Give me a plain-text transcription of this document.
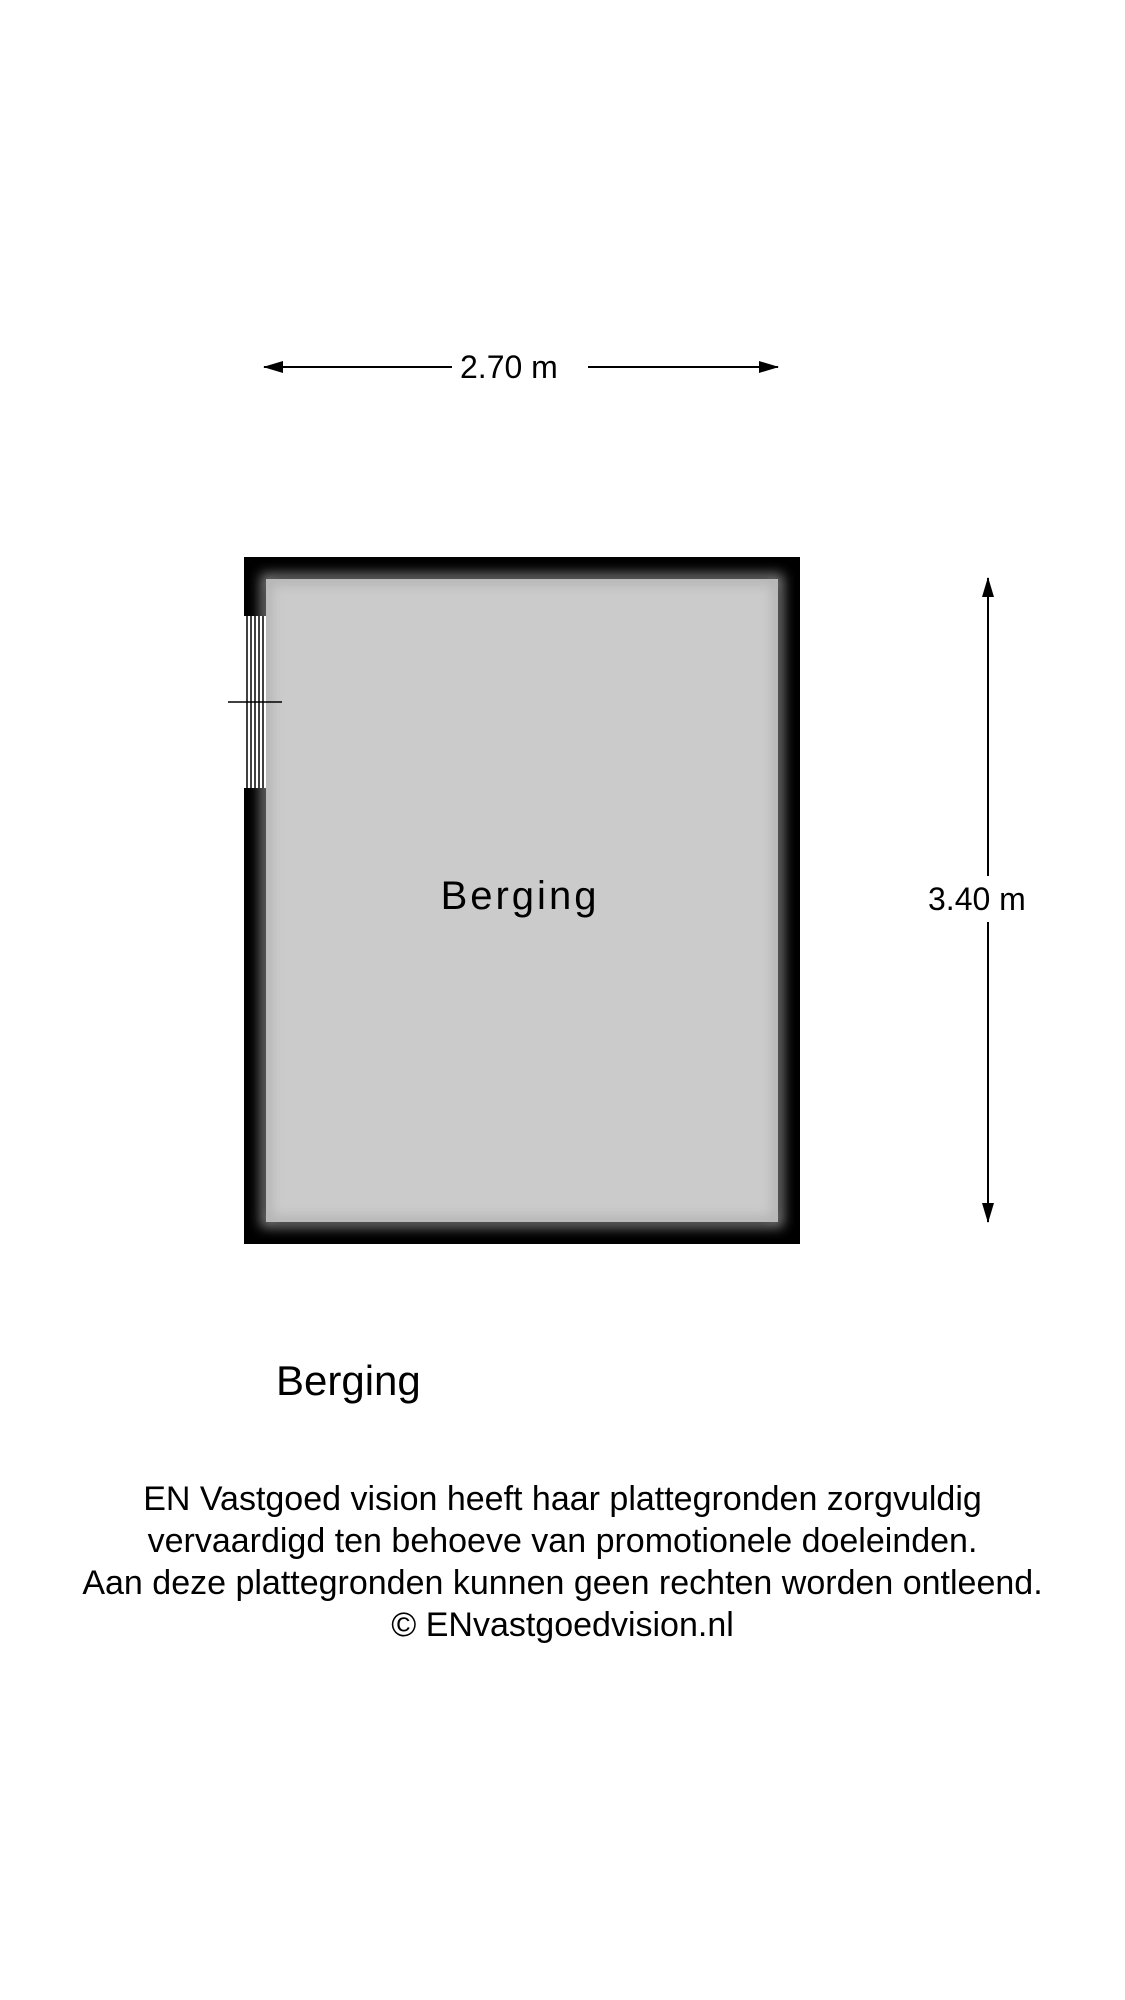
2.70 m
3.40 m
Berging
Berging
EN Vastgoed vision heeft haar plattegronden zorgvuldig
vervaardigd ten behoeve van promotionele doeleinden.
Aan deze plattegronden kunnen geen rechten worden ontleend.
© ENvastgoedvision.nl
